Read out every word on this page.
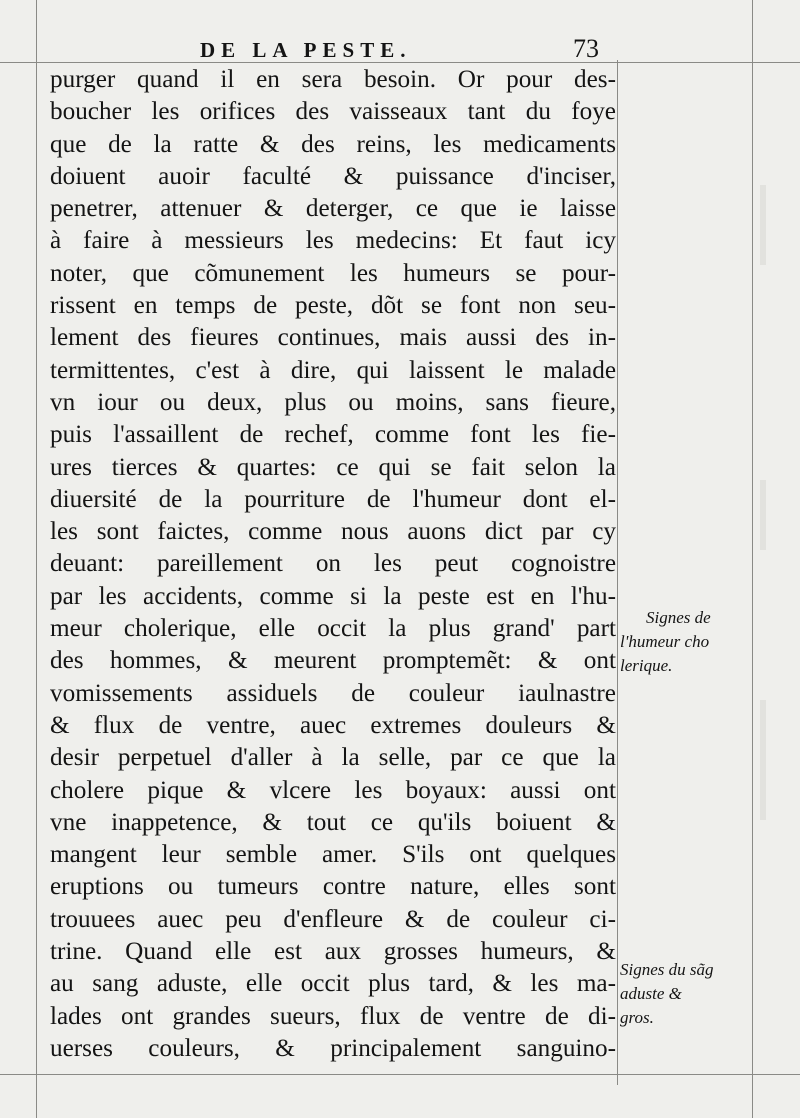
DE LA PESTE.	73
purger quand il en sera besoin. Or pour des-
boucher les orifices des vaisseaux tant du foye
que de la ratte & des reins, les medicaments
doiuent auoir faculté & puissance d'inciser,
penetrer, attenuer & deterger, ce que ie laisse
à faire à messieurs les medecins: Et faut icy
noter, que cõmunement les humeurs se pour-
rissent en temps de peste, dõt se font non seu-
lement des fieures continues, mais aussi des in-
termittentes, c'est à dire, qui laissent le malade
vn iour ou deux, plus ou moins, sans fieure,
puis l'assaillent de rechef, comme font les fie-
ures tierces & quartes: ce qui se fait selon la
diuersité de la pourriture de l'humeur dont el-
les sont faictes, comme nous auons dict par cy
deuant: pareillement on les peut cognoistre
par les accidents, comme si la peste est en l'hu-
meur cholerique, elle occit la plus grand' part
des hommes, & meurent promptemẽt: & ont
vomissements assiduels de couleur iaulnastre
& flux de ventre, auec extremes douleurs &
desir perpetuel d'aller à la selle, par ce que la
cholere pique & vlcere les boyaux: aussi ont
vne inappetence, & tout ce qu'ils boiuent &
mangent leur semble amer. S'ils ont quelques
eruptions ou tumeurs contre nature, elles sont
trouuees auec peu d'enfleure & de couleur ci-
trine. Quand elle est aux grosses humeurs, &
au sang aduste, elle occit plus tard, & les ma-
lades ont grandes sueurs, flux de ventre de di-
uerses couleurs, & principalement sanguino-
Signes de
l'humeur cho
lerique.
Signes du sãg
aduste &
gros.
